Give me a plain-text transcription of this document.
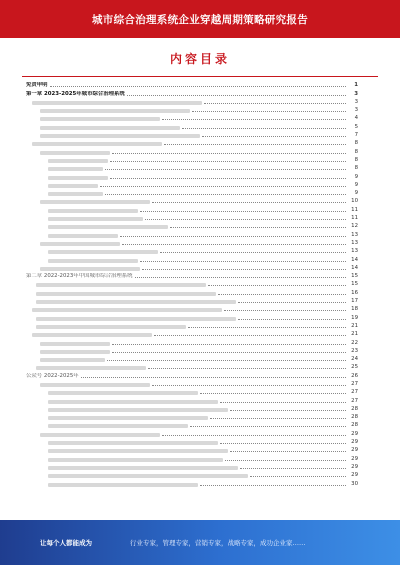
城市综合治理系统企业穿越周期策略研究报告
内容目录
免责申明	1
第一章 2023-2025年城市综合治理系统	3
3
3
4
5
7
8
8
8
8
9
9
9
10
11
11
12
13
13
13
14
14
第二章 2022-2023年中国城市综合治理系统	15
15
16
17
18
19
21
21
22
23
24
25
公众号 2022-2025年	26
27
27
27
28
28
28
29
29
29
29
29
29
30
让每个人都能成为	行业专家，管理专家，营销专家，战略专家，成功企业家……
